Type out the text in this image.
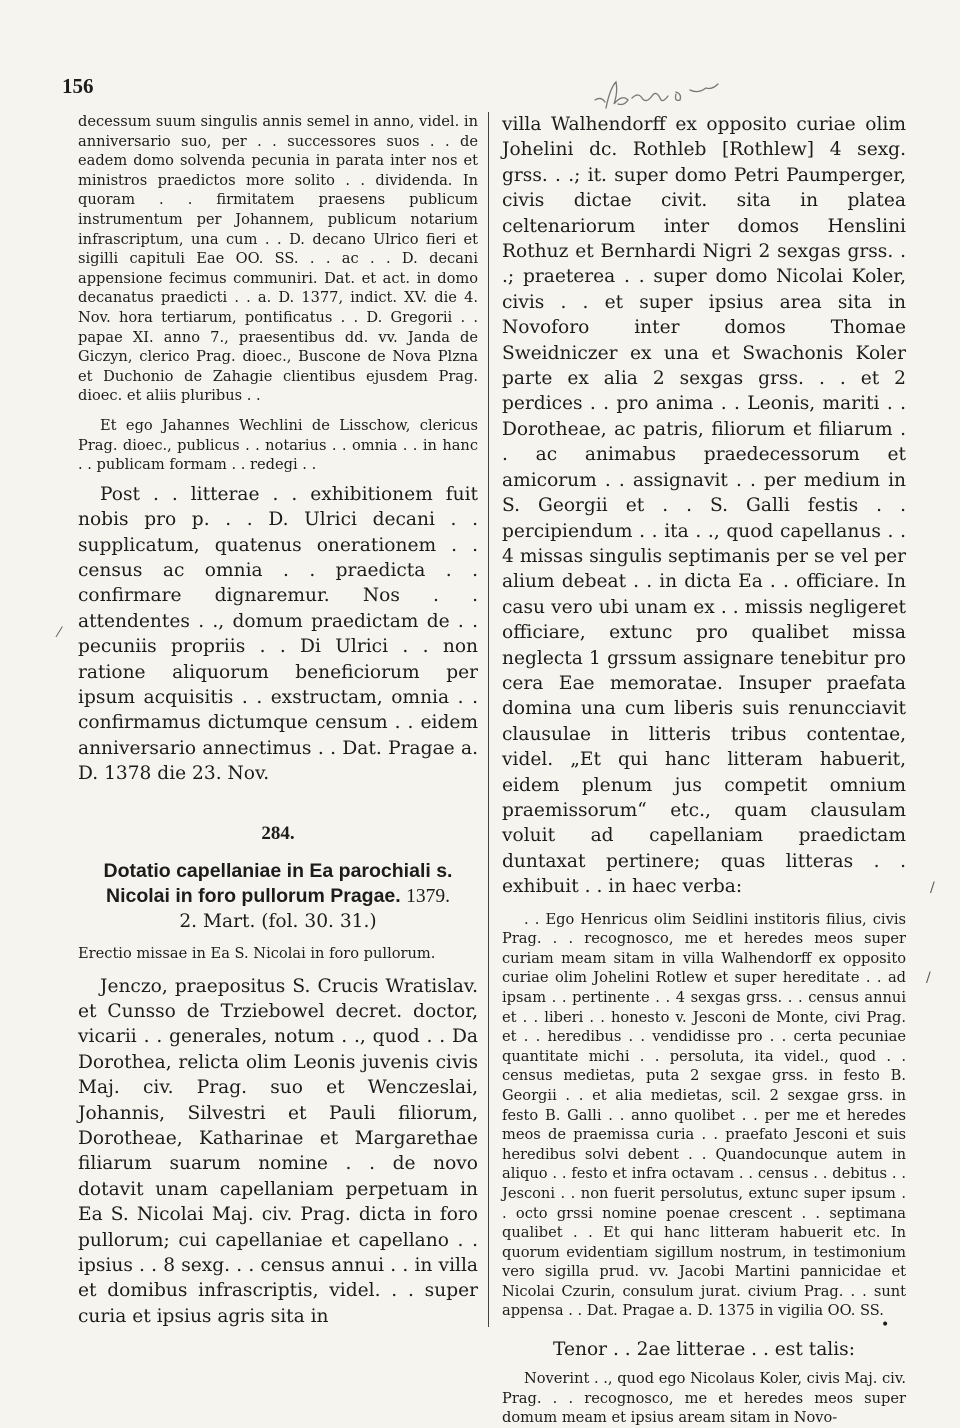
156

decessum suum singulis annis semel in anno, videl. in anniversario suo, per . . successores suos . . de eadem domo solvenda pecunia in parata inter nos et ministros praedictos more solito . . dividenda. In quoram . . firmitatem praesens publicum instrumentum per Johannem, publicum notarium infrascriptum, una cum . . D. decano Ulrico fieri et sigilli capituli Eae OO. SS. . . ac . . D. decani appensione fecimus communiri. Dat. et act. in domo decanatus praedicti . . a. D. 1377, indict. XV. die 4. Nov. hora tertiarum, pontificatus . . D. Gregorii . . papae XI. anno 7., praesentibus dd. vv. Janda de Giczyn, clerico Prag. dioec., Buscone de Nova Plzna et Duchonio de Zahagie clientibus ejusdem Prag. dioec. et aliis pluribus . .

Et ego Jahannes Wechlini de Lisschow, clericus Prag. dioec., publicus . . notarius . . omnia . . in hanc . . publicam formam . . redegi . .

Post . . litterae . . exhibitionem fuit nobis pro p. . . D. Ulrici decani . . supplicatum, quatenus onerationem . . census ac omnia . . praedicta . . confirmare dignaremur. Nos . . attendentes . ., domum praedictam de . . pecuniis propriis . . Di Ulrici . . non ratione aliquorum beneficiorum per ipsum acquisitis . . exstructam, omnia . . confirmamus dictumque censum . . eidem anniversario annectimus . . Dat. Pragae a. D. 1378 die 23. Nov.

284.
Dotatio capellaniae in Ea parochiali s. Nicolai in foro pullorum Pragae. 1379.

2. Mart. (fol. 30. 31.)

Erectio missae in Ea S. Nicolai in foro pullorum.

Jenczo, praepositus S. Crucis Wratislav. et Cunsso de Trziebowel decret. doctor, vicarii . . generales, notum . ., quod . . Da Dorothea, relicta olim Leonis juvenis civis Maj. civ. Prag. suo et Wenczeslai, Johannis, Silvestri et Pauli filiorum, Dorotheae, Katharinae et Margarethae filiarum suarum nomine . . de novo dotavit unam capellaniam perpetuam in Ea S. Nicolai Maj. civ. Prag. dicta in foro pullorum; cui capellaniae et capellano . . ipsius . . 8 sexg. . . census annui . . in villa et domibus infrascriptis, videl. . . super curia et ipsius agris sita in

villa Walhendorff ex opposito curiae olim Johelini dc. Rothleb [Rothlew] 4 sexg. grss. . .; it. super domo Petri Paumperger, civis dictae civit. sita in platea celtenariorum inter domos Henslini Rothuz et Bernhardi Nigri 2 sexgas grss. . .; praeterea . . super domo Nicolai Koler, civis . . et super ipsius area sita in Novoforo inter domos Thomae Sweidniczer ex una et Swachonis Koler parte ex alia 2 sexgas grss. . . et 2 perdices . . pro anima . . Leonis, mariti . . Dorotheae, ac patris, filiorum et filiarum . . ac animabus praedecessorum et amicorum . . assignavit . . per medium in S. Georgii et . . S. Galli festis . . percipiendum . . ita . ., quod capellanus . . 4 missas singulis septimanis per se vel per alium debeat . . in dicta Ea . . officiare. In casu vero ubi unam ex . . missis negligeret officiare, extunc pro qualibet missa neglecta 1 grssum assignare tenebitur pro cera Eae memoratae. Insuper praefata domina una cum liberis suis renuncciavit clausulae in litteris tribus contentae, videl. „Et qui hanc litteram habuerit, eidem plenum jus competit omnium praemissorum“ etc., quam clausulam voluit ad capellaniam praedictam duntaxat pertinere; quas litteras . . exhibuit . . in haec verba:

. . Ego Henricus olim Seidlini institoris filius, civis Prag. . . recognosco, me et heredes meos super curiam meam sitam in villa Walhendorff ex opposito curiae olim Johelini Rotlew et super hereditate . . ad ipsam . . pertinente . . 4 sexgas grss. . . census annui et . . liberi . . honesto v. Jesconi de Monte, civi Prag. et . . heredibus . . vendidisse pro . . certa pecuniae quantitate michi . . persoluta, ita videl., quod . . census medietas, puta 2 sexgae grss. in festo B. Georgii . . et alia medietas, scil. 2 sexgae grss. in festo B. Galli . . anno quolibet . . per me et heredes meos de praemissa curia . . praefato Jesconi et suis heredibus solvi debent . . Quandocunque autem in aliquo . . festo et infra octavam . . census . . debitus . . Jesconi . . non fuerit persolutus, extunc super ipsum . . octo grssi nomine poenae crescent . . septimana qualibet . . Et qui hanc litteram habuerit etc. In quorum evidentiam sigillum nostrum, in testimonium vero sigilla prud. vv. Jacobi Martini pannicidae et Nicolai Czurin, consulum jurat. civium Prag. . . sunt appensa . . Dat. Pragae a. D. 1375 in vigilia OO. SS.

Tenor . . 2ae litterae . . est talis:

Noverint . ., quod ego Nicolaus Koler, civis Maj. civ. Prag. . . recognosco, me et heredes meos super domum meam et ipsius aream sitam in Novo-

⁄
/
/
•
